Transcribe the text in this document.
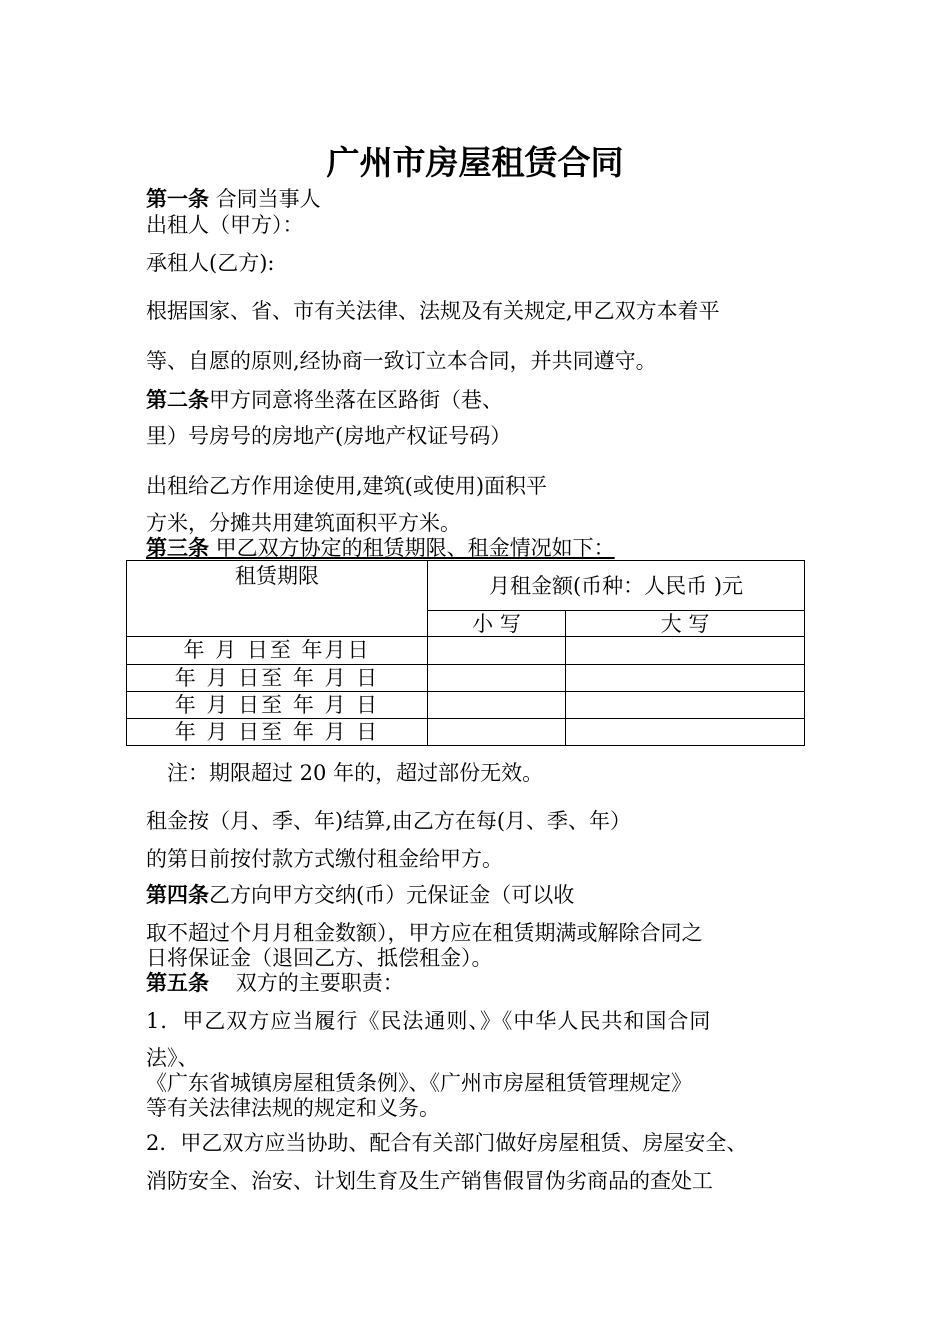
广州市房屋租赁合同
第一条 合同当事人
出租人（甲方）：
承租人(乙方):
根据国家、省、市有关法律、法规及有关规定,甲乙双方本着平
等、自愿的原则,经协商一致订立本合同，并共同遵守。
第二条甲方同意将坐落在区路街（巷、
里）号房号的房地产(房地产权证号码）
出租给乙方作用途使用,建筑(或使用)面积平
方米，分摊共用建筑面积平方米。
第三条 甲乙双方协定的租赁期限、租金情况如下：
租赁期限	月租金额(币种：人民币 )元	
	小 写	大 写
年 月 日至 年月日		
年 月 日至 年 月 日		
年 月 日至 年 月 日		
年 月 日至 年 月 日		
注：期限超过 20 年的，超过部份无效。
租金按（月、季、年)结算,由乙方在每(月、季、年）
的第日前按付款方式缴付租金给甲方。
第四条乙方向甲方交纳(币）元保证金（可以收
取不超过个月月租金数额），甲方应在租赁期满或解除合同之
日将保证金（退回乙方、抵偿租金）。
第五条    双方的主要职责：
1．甲乙双方应当履行《民法通则、》《中华人民共和国合同
法》、
《广东省城镇房屋租赁条例》、《广州市房屋租赁管理规定》
等有关法律法规的规定和义务。
2．甲乙双方应当协助、配合有关部门做好房屋租赁、房屋安全、
消防安全、治安、计划生育及生产销售假冒伪劣商品的查处工
